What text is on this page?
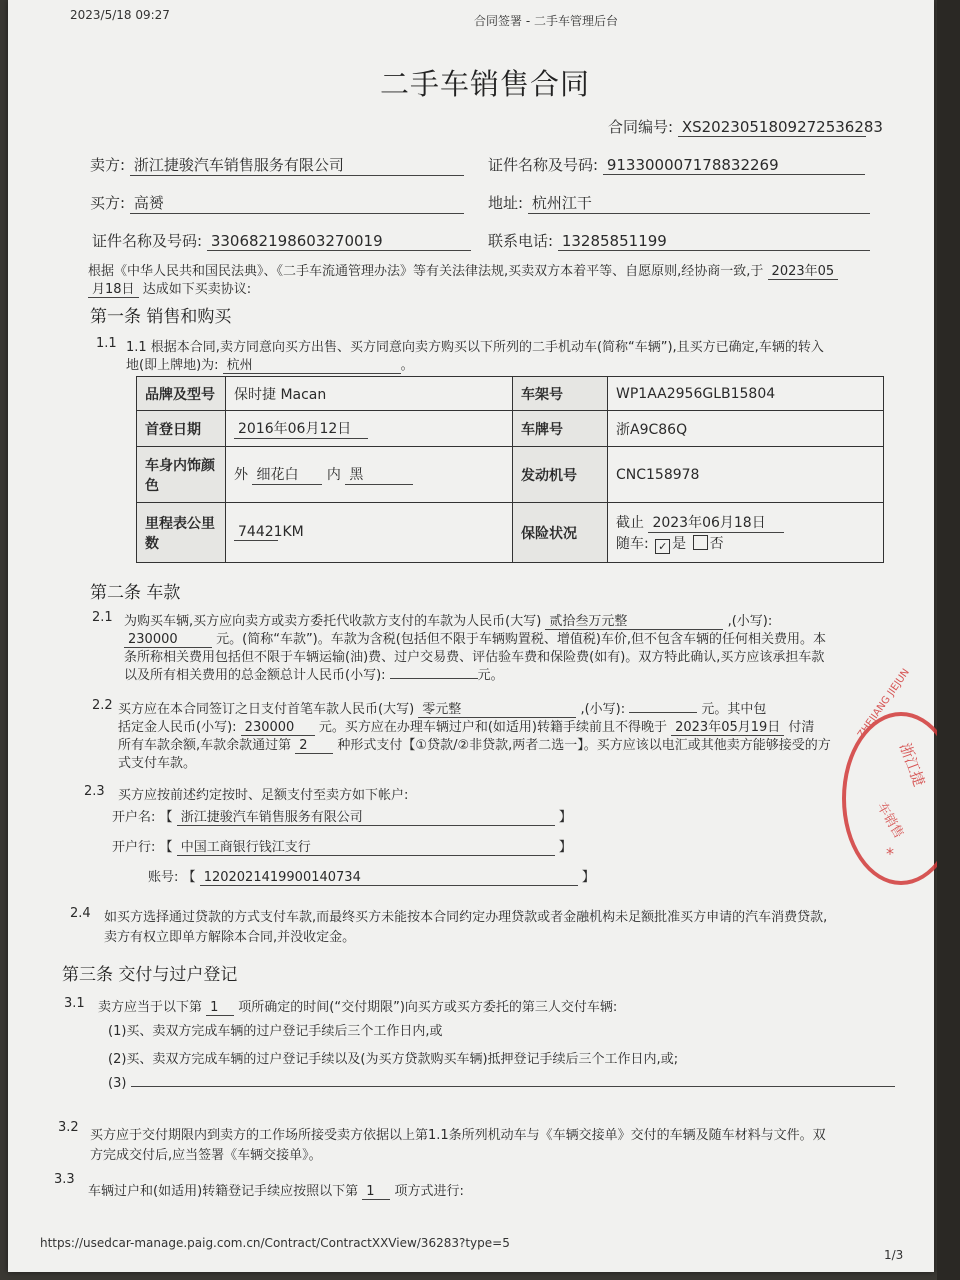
2023/5/18 09:27	合同签署 - 二手车管理后台
二手车销售合同
合同编号: XS2023051809272536283
卖方: 浙江捷骏汽车销售服务有限公司	证件名称及号码: 913300007178832269
买方: 高赟	地址: 杭州江干
证件名称及号码: 330682198603270019	联系电话: 13285851199
根据《中华人民共和国民法典》、《二手车流通管理办法》等有关法律法规,买卖双方本着平等、自愿原则,经协商一致,于 2023年05
月18日 达成如下买卖协议:
第一条 销售和购买
1.1 1.1 根据本合同,卖方同意向买方出售、买方同意向卖方购买以下所列的二手机动车(简称“车辆”),且买方已确定,车辆的转入
地(即上牌地)为: 杭州	。
品牌及型号	保时捷 Macan	车架号	WP1AA2956GLB15804
首登日期	2016年06月12日	车牌号	浙A9C86Q
车身内饰颜色	外 细花白 内 黑	发动机号	CNC158978
里程表公里数	74421 KM	保险状况	截止 2023年06月18日
随车: ✓ 是 否
第二条 车款
2.1 为购买车辆,买方应向卖方或卖方委托代收款方支付的车款为人民币(大写) 贰拾叁万元整	,(小写):
230000	元。(简称“车款”)。车款为含税(包括但不限于车辆购置税、增值税)车价,但不包含车辆的任何相关费用。本
条所称相关费用包括但不限于车辆运输(油)费、过户交易费、评估验车费和保险费(如有)。双方特此确认,买方应该承担车款
以及所有相关费用的总金额总计人民币(小写):	元。
2.2 买方应在本合同签订之日支付首笔车款人民币(大写) 零元整	,(小写):	元。其中包
括定金人民币(小写): 230000 元。买方应在办理车辆过户和(如适用)转籍手续前且不得晚于 2023年05月19日 付清
所有车款余额,车款余款通过第 2 种形式支付【①贷款/②非贷款,两者二选一】。买方应该以电汇或其他卖方能够接受的方
式支付车款。
2.3 买方应按前述约定按时、足额支付至卖方如下帐户:
开户名: 【 浙江捷骏汽车销售服务有限公司	】
开户行: 【 中国工商银行钱江支行	】
账号: 【 1202021419900140734	】
2.4 如买方选择通过贷款的方式支付车款,而最终买方未能按本合同约定办理贷款或者金融机构未足额批准买方申请的汽车消费贷款,
卖方有权立即单方解除本合同,并没收定金。
第三条 交付与过户登记
3.1 卖方应当于以下第 1 项所确定的时间(“交付期限”)向买方或买方委托的第三人交付车辆:
(1)买、卖双方完成车辆的过户登记手续后三个工作日内,或
(2)买、卖双方完成车辆的过户登记手续以及(为买方贷款购买车辆)抵押登记手续后三个工作日内,或;
(3)
3.2
买方应于交付期限内到卖方的工作场所接受卖方依据以上第1.1条所列机动车与《车辆交接单》交付的车辆及随车材料与文件。双
方完成交付后,应当签署《车辆交接单》。
3.3
车辆过户和(如适用)转籍登记手续应按照以下第 1 项方式进行:
https://usedcar-manage.paig.com.cn/Contract/ContractXXView/36283?type=5
1/3
ZHEJIANG JIEJUN
浙江捷
车销售
*
